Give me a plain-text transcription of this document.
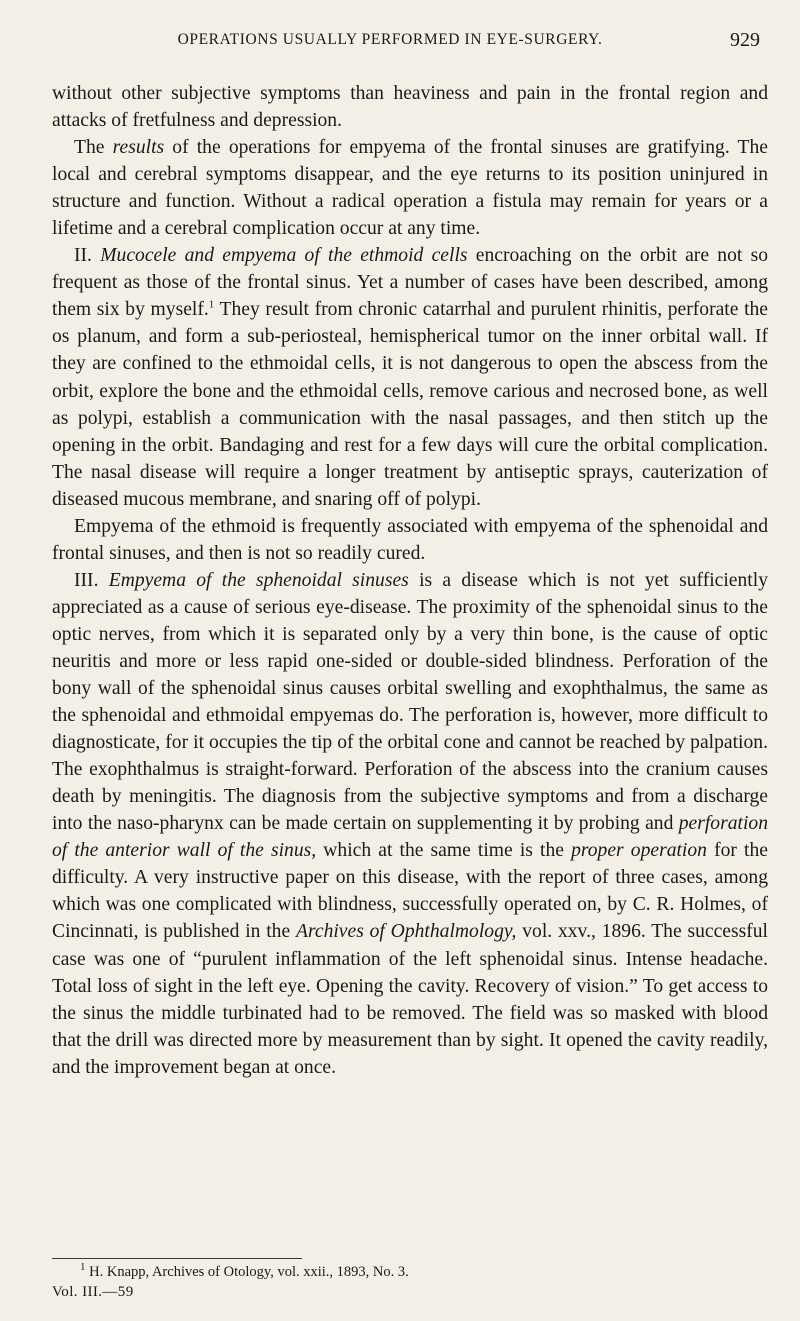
OPERATIONS USUALLY PERFORMED IN EYE-SURGERY.	929

without other subjective symptoms than heaviness and pain in the frontal region and attacks of fretfulness and depression.

The results of the operations for empyema of the frontal sinuses are gratifying. The local and cerebral symptoms disappear, and the eye returns to its position uninjured in structure and function. Without a radical operation a fistula may remain for years or a lifetime and a cerebral complication occur at any time.

II. Mucocele and empyema of the ethmoid cells encroaching on the orbit are not so frequent as those of the frontal sinus. Yet a number of cases have been described, among them six by myself.$^1$ They result from chronic catarrhal and purulent rhinitis, perforate the os planum, and form a sub-periosteal, hemispherical tumor on the inner orbital wall. If they are confined to the ethmoidal cells, it is not dangerous to open the abscess from the orbit, explore the bone and the ethmoidal cells, remove carious and necrosed bone, as well as polypi, establish a communication with the nasal passages, and then stitch up the opening in the orbit. Bandaging and rest for a few days will cure the orbital complication. The nasal disease will require a longer treatment by antiseptic sprays, cauterization of diseased mucous membrane, and snaring off of polypi.

Empyema of the ethmoid is frequently associated with empyema of the sphenoidal and frontal sinuses, and then is not so readily cured.

III. Empyema of the sphenoidal sinuses is a disease which is not yet sufficiently appreciated as a cause of serious eye-disease. The proximity of the sphenoidal sinus to the optic nerves, from which it is separated only by a very thin bone, is the cause of optic neuritis and more or less rapid one-sided or double-sided blindness. Perforation of the bony wall of the sphenoidal sinus causes orbital swelling and exophthalmus, the same as the sphenoidal and ethmoidal empyemas do. The perforation is, however, more difficult to diagnosticate, for it occupies the tip of the orbital cone and cannot be reached by palpation. The exophthalmus is straight-forward. Perforation of the abscess into the cranium causes death by meningitis. The diagnosis from the subjective symptoms and from a discharge into the naso-pharynx can be made certain on supplementing it by probing and perforation of the anterior wall of the sinus, which at the same time is the proper operation for the difficulty. A very instructive paper on this disease, with the report of three cases, among which was one complicated with blindness, successfully operated on, by C. R. Holmes, of Cincinnati, is published in the Archives of Ophthalmology, vol. xxv., 1896. The successful case was one of “purulent inflammation of the left sphenoidal sinus. Intense headache. Total loss of sight in the left eye. Opening the cavity. Recovery of vision.” To get access to the sinus the middle turbinated had to be removed. The field was so masked with blood that the drill was directed more by measurement than by sight. It opened the cavity readily, and the improvement began at once.

$^1$ H. Knapp, Archives of Otology, vol. xxii., 1893, No. 3.
Vol. III.—59
